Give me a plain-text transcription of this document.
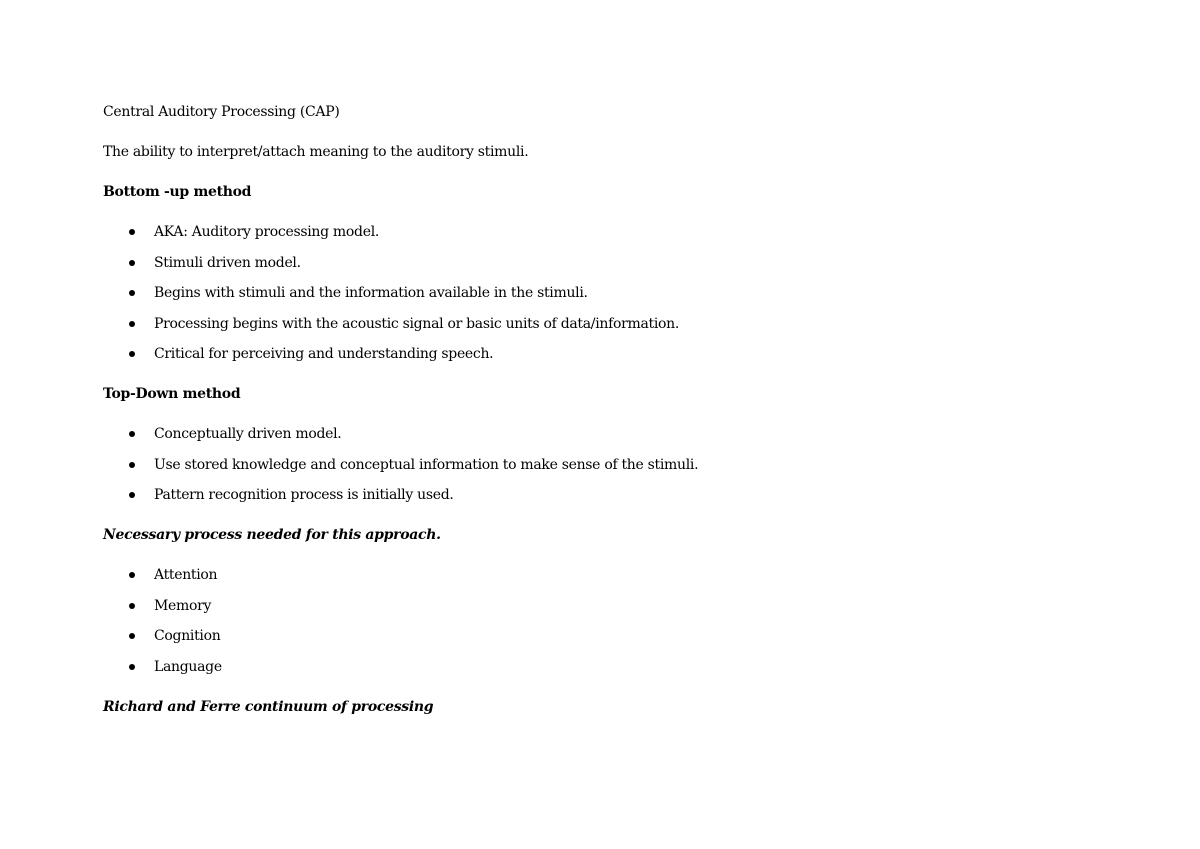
Central Auditory Processing (CAP)

The ability to interpret/attach meaning to the auditory stimuli.

Bottom -up method

AKA: Auditory processing model.
Stimuli driven model.
Begins with stimuli and the information available in the stimuli.
Processing begins with the acoustic signal or basic units of data/information.
Critical for perceiving and understanding speech.

Top-Down method

Conceptually driven model.
Use stored knowledge and conceptual information to make sense of the stimuli.
Pattern recognition process is initially used.

Necessary process needed for this approach.

Attention
Memory
Cognition
Language

Richard and Ferre continuum of processing
